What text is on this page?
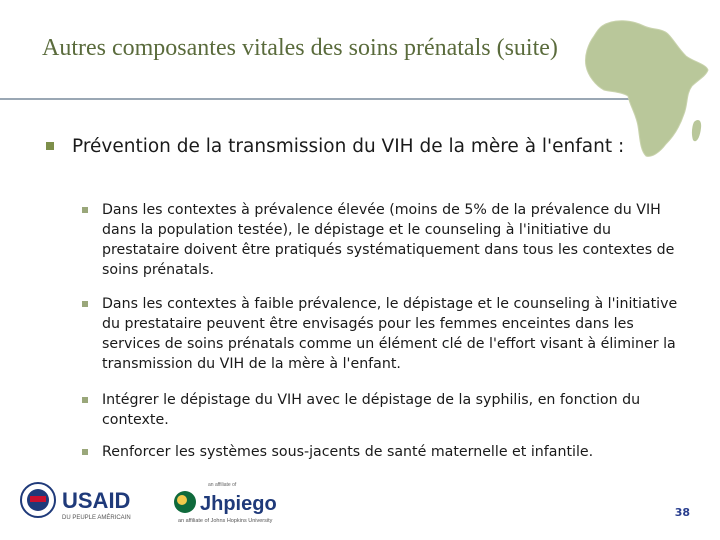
Autres composantes vitales des soins prénatals (suite)
Prévention de la transmission du VIH de la mère à l'enfant :
Dans les contextes à prévalence élevée (moins de 5% de la prévalence du VIH dans la population testée), le dépistage et le counseling à l'initiative du prestataire doivent être pratiqués systématiquement dans tous les contextes de soins prénatals.
Dans les contextes à faible prévalence, le dépistage et le counseling à l'initiative du prestataire peuvent être envisagés pour les femmes enceintes dans les services de soins prénatals comme un élément clé de l'effort visant à éliminer la transmission du VIH de la mère à l'enfant.
Intégrer le dépistage du VIH avec le dépistage de la syphilis, en fonction du contexte.
Renforcer les systèmes sous-jacents de santé maternelle et infantile.
USAID
DU PEUPLE AMÉRICAIN
an affiliate of
Jhpiego
an affiliate of Johns Hopkins University
38
